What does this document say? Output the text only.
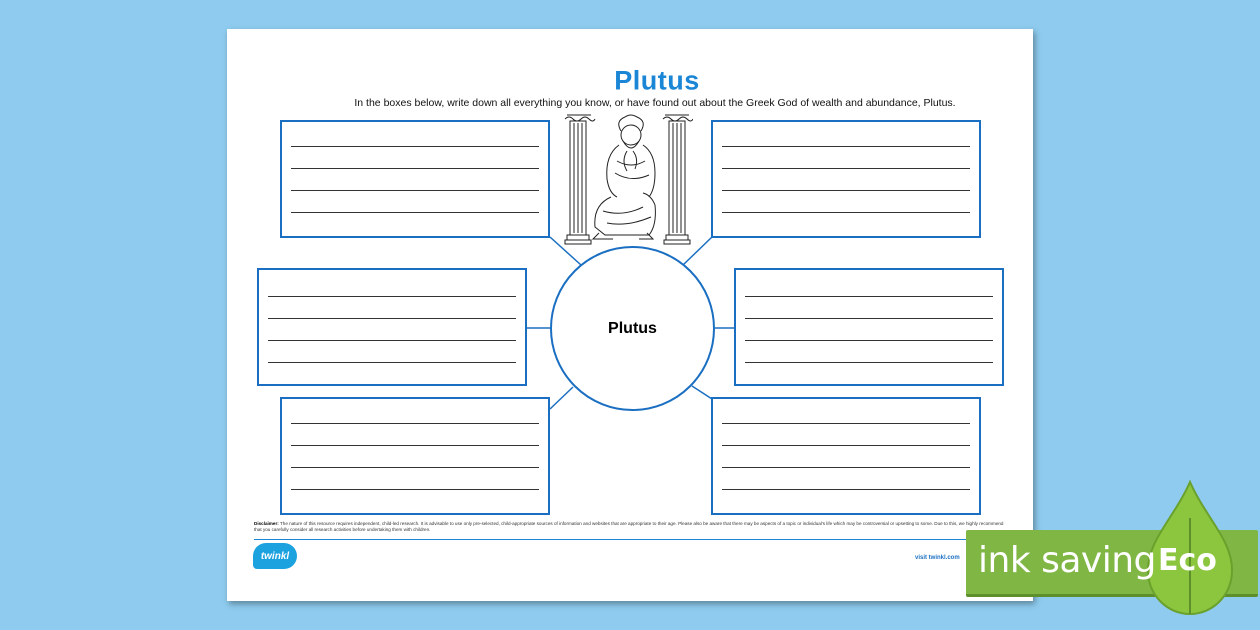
Plutus

In the boxes below, write down all everything you know, or have found out about the Greek God of wealth and abundance, Plutus.

Plutus

Disclaimer: The nature of this resource requires independent, child-led research. It is advisable to use only pre-selected, child-appropriate sources of information and websites that are appropriate to their age. Please also be aware that there may be aspects of a topic or individual's life which may be controversial or upsetting to some. Due to this, we highly recommend that you carefully consider all research activities before undertaking them with children.

twinkl	visit twinkl.com ink saving Eco
